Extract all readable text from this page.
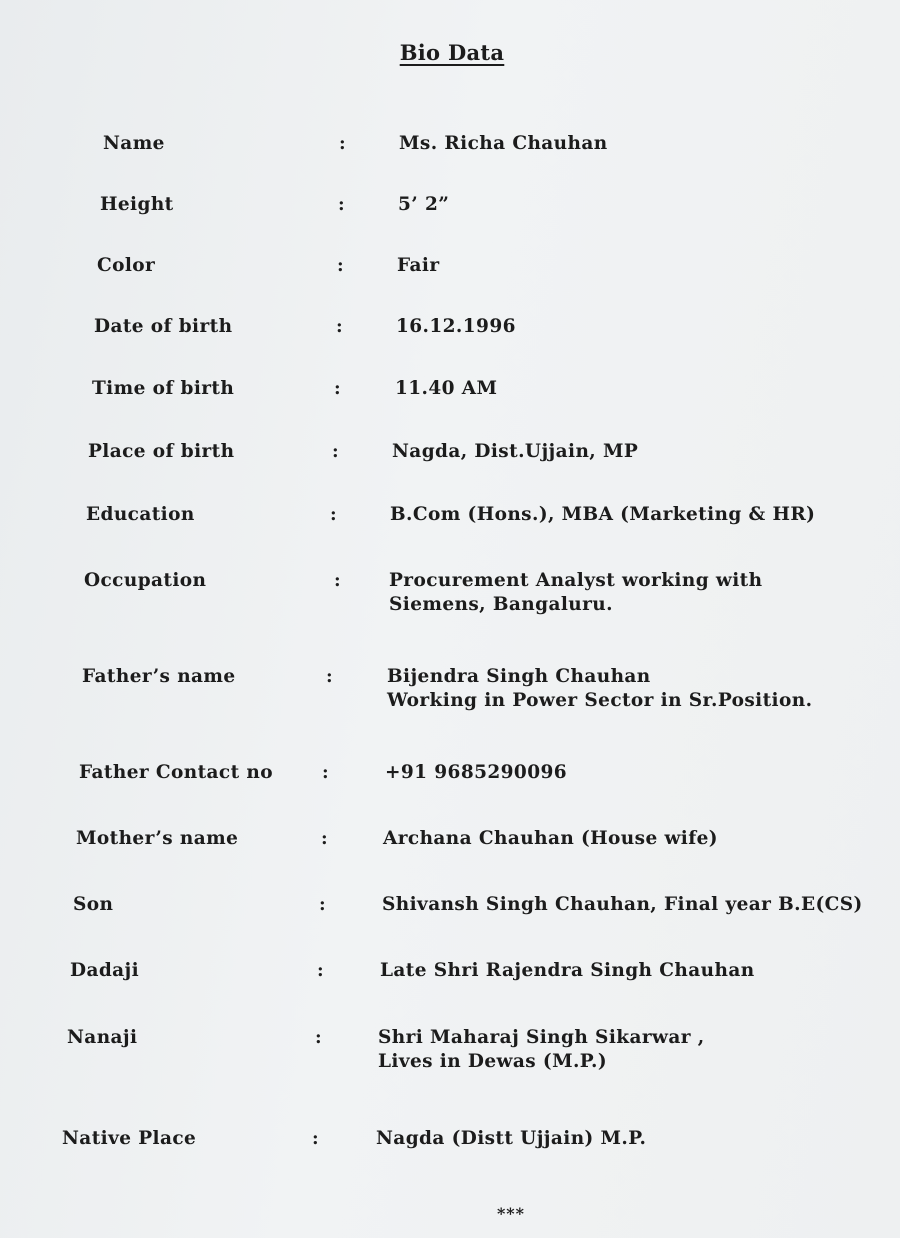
Bio Data
Name	:	Ms. Richa Chauhan
Height	:	5’ 2”
Color	:	Fair
Date of birth	:	16.12.1996
Time of birth	:	11.40 AM
Place of birth	:	Nagda, Dist.Ujjain, MP
Education	:	B.Com (Hons.), MBA (Marketing & HR)
Occupation	:	Procurement Analyst working with
Siemens, Bangaluru.
Father’s name	:	Bijendra Singh Chauhan
Working in Power Sector in Sr.Position.
Father Contact no	:	+91 9685290096
Mother’s name	:	Archana Chauhan (House wife)
Son	:	Shivansh Singh Chauhan, Final year B.E(CS)
Dadaji	:	Late Shri Rajendra Singh Chauhan
Nanaji	:	Shri Maharaj Singh Sikarwar ,
Lives in Dewas (M.P.)
Native Place	:	Nagda (Distt Ujjain) M.P.
***
